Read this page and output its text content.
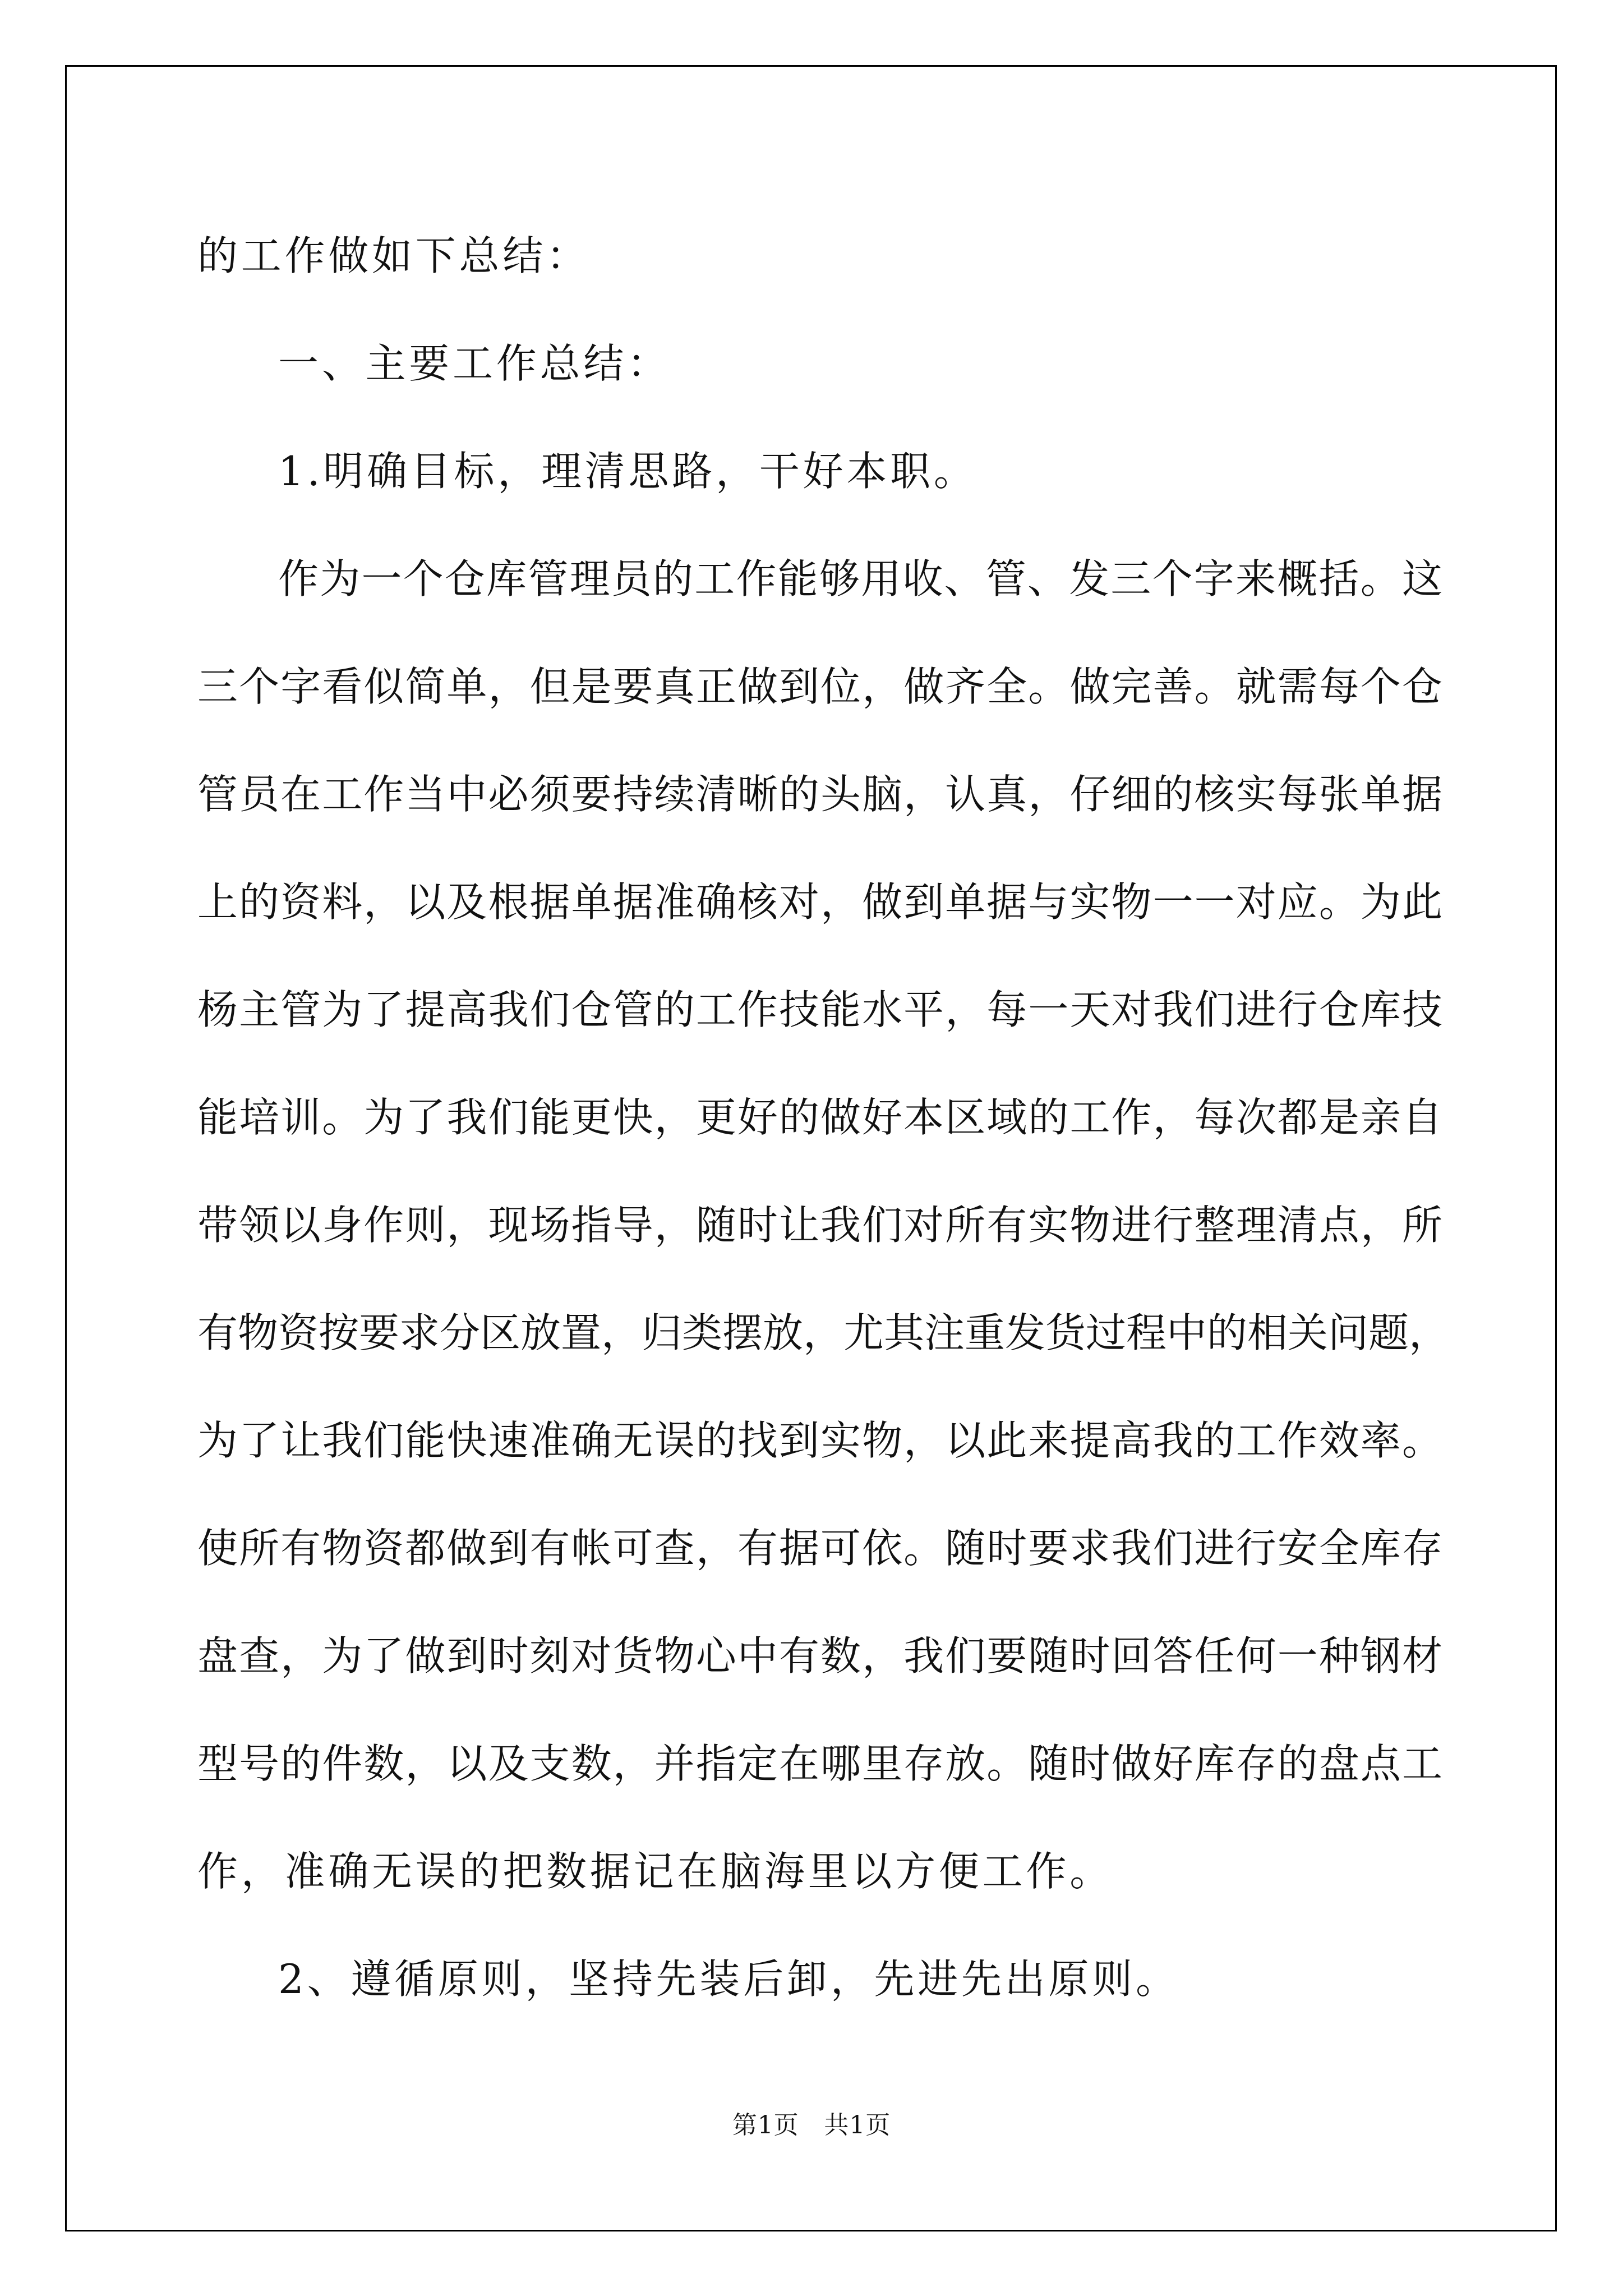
的工作做如下总结：
一、主要工作总结：
1.明确目标，理清思路，干好本职。
作为一个仓库管理员的工作能够用收、管、发三个字来概括。这
三个字看似简单，但是要真正做到位，做齐全。做完善。就需每个仓
管员在工作当中必须要持续清晰的头脑，认真，仔细的核实每张单据
上的资料，以及根据单据准确核对，做到单据与实物一一对应。为此
杨主管为了提高我们仓管的工作技能水平，每一天对我们进行仓库技
能培训。为了我们能更快，更好的做好本区域的工作，每次都是亲自
带领以身作则，现场指导，随时让我们对所有实物进行整理清点，所
有物资按要求分区放置，归类摆放，尤其注重发货过程中的相关问题，
为了让我们能快速准确无误的找到实物，以此来提高我的工作效率。
使所有物资都做到有帐可查，有据可依。随时要求我们进行安全库存
盘查，为了做到时刻对货物心中有数，我们要随时回答任何一种钢材
型号的件数，以及支数，并指定在哪里存放。随时做好库存的盘点工
作，准确无误的把数据记在脑海里以方便工作。
2、遵循原则，坚持先装后卸，先进先出原则。
第1页　共1页
